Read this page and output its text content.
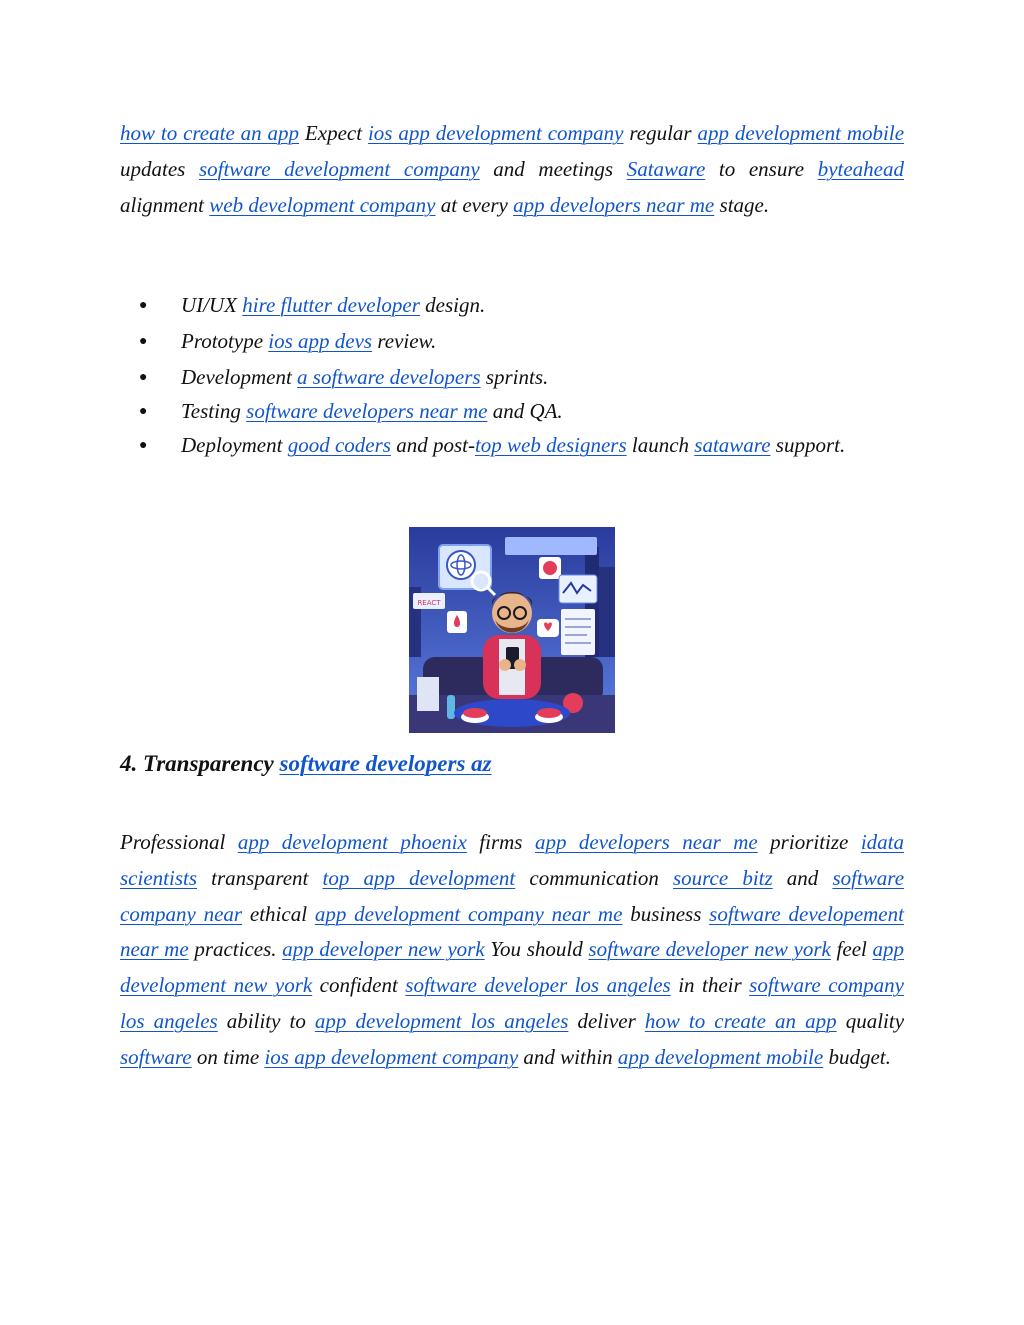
how to create an app Expect ios app development company regular app development mobile updates software development company and meetings Sataware to ensure byteahead alignment web development company at every app developers near me stage.

● UI/UX hire flutter developer design.
● Prototype ios app devs review.
● Development a software developers sprints.
● Testing software developers near me and QA.
● Deployment good coders and post-top web designers launch sataware support.
REACT
4. Transparency software developers az

Professional app development phoenix firms app developers near me prioritize idata scientists transparent top app development communication source bitz and software company near ethical app development company near me business software developement near me practices. app developer new york You should software developer new york feel app development new york confident software developer los angeles in their software company los angeles ability to app development los angeles deliver how to create an app quality software on time ios app development company and within app development mobile budget.
